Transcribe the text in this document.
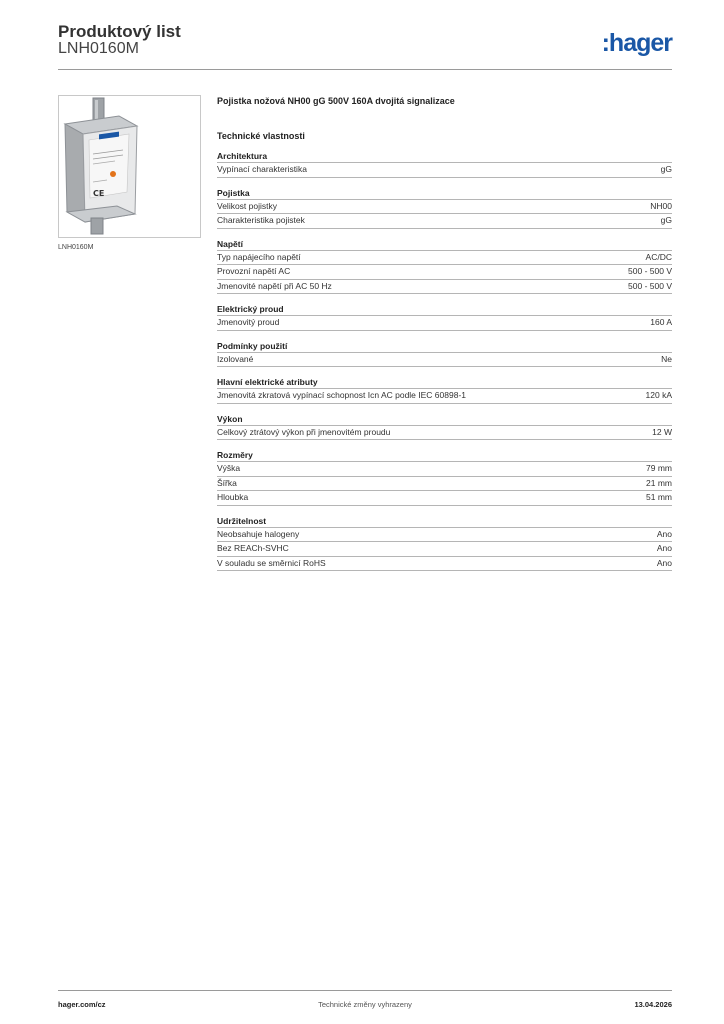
Produktový list
LNH0160M	:hager
CE
LNH0160M
Pojistka nožová NH00 gG 500V 160A dvojitá signalizace
Technické vlastnosti
Architektura
Vypínací charakteristika	gG
Pojistka
Velikost pojistky	NH00
Charakteristika pojistek	gG
Napětí
Typ napájecího napětí	AC/DC
Provozní napětí AC	500 - 500 V
Jmenovité napětí při AC 50 Hz	500 - 500 V
Elektrický proud
Jmenovitý proud	160 A
Podmínky použití
Izolované	Ne
Hlavní elektrické atributy
Jmenovitá zkratová vypínací schopnost Icn AC podle IEC 60898-1	120 kA
Výkon
Celkový ztrátový výkon při jmenovitém proudu	12 W
Rozměry
Výška	79 mm
Šířka	21 mm
Hloubka	51 mm
Udržitelnost
Neobsahuje halogeny	Ano
Bez REACh-SVHC	Ano
V souladu se směrnicí RoHS	Ano
hager.com/cz	Technické změny vyhrazeny	13.04.2026
